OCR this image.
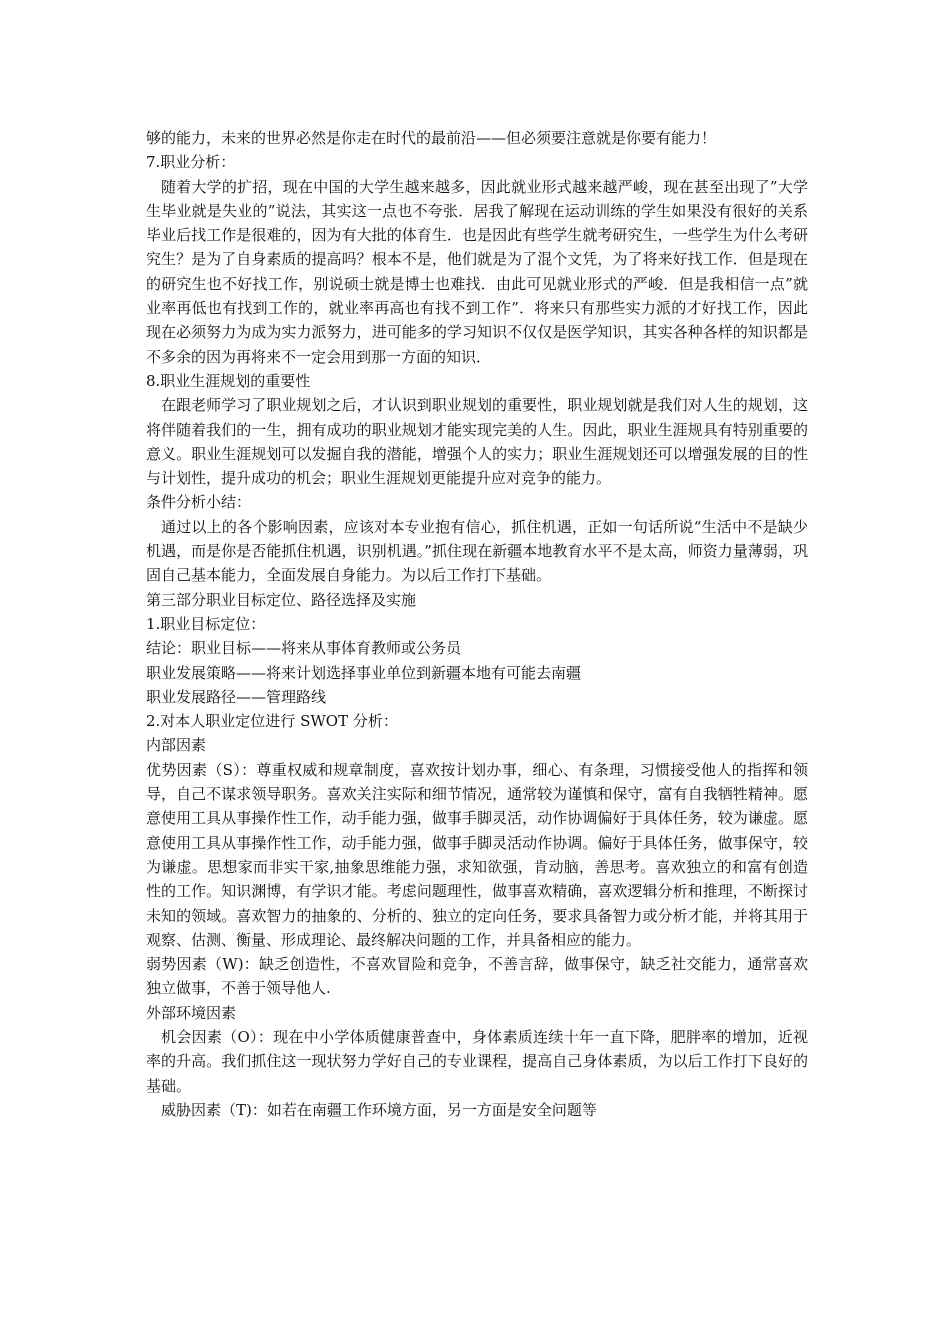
够的能力，未来的世界必然是你走在时代的最前沿——但必须要注意就是你要有能力！

7.职业分析：

随着大学的扩招，现在中国的大学生越来越多，因此就业形式越来越严峻，现在甚至出现了”大学生毕业就是失业的”说法，其实这一点也不夸张．居我了解现在运动训练的学生如果没有很好的关系毕业后找工作是很难的，因为有大批的体育生．也是因此有些学生就考研究生，一些学生为什么考研究生？是为了自身素质的提高吗？根本不是，他们就是为了混个文凭，为了将来好找工作．但是现在的研究生也不好找工作，别说硕士就是博士也难找．由此可见就业形式的严峻．但是我相信一点”就业率再低也有找到工作的，就业率再高也有找不到工作”．将来只有那些实力派的才好找工作，因此现在必须努力为成为实力派努力，进可能多的学习知识不仅仅是医学知识，其实各种各样的知识都是不多余的因为再将来不一定会用到那一方面的知识．

8.职业生涯规划的重要性

在跟老师学习了职业规划之后，才认识到职业规划的重要性，职业规划就是我们对人生的规划，这将伴随着我们的一生，拥有成功的职业规划才能实现完美的人生。因此，职业生涯规具有特别重要的意义。职业生涯规划可以发掘自我的潜能，增强个人的实力；职业生涯规划还可以增强发展的目的性与计划性，提升成功的机会；职业生涯规划更能提升应对竞争的能力。

条件分析小结：

通过以上的各个影响因素，应该对本专业抱有信心，抓住机遇，正如一句话所说“生活中不是缺少机遇，而是你是否能抓住机遇，识别机遇。”抓住现在新疆本地教育水平不是太高，师资力量薄弱，巩固自己基本能力，全面发展自身能力。为以后工作打下基础。

第三部分职业目标定位、路径选择及实施

1.职业目标定位：

结论：职业目标——将来从事体育教师或公务员

职业发展策略——将来计划选择事业单位到新疆本地有可能去南疆

职业发展路径——管理路线

2.对本人职业定位进行 SWOT 分析：

内部因素

优势因素（S）：尊重权威和规章制度，喜欢按计划办事，细心、有条理，习惯接受他人的指挥和领导，自己不谋求领导职务。喜欢关注实际和细节情况，通常较为谨慎和保守，富有自我牺牲精神。愿意使用工具从事操作性工作，动手能力强，做事手脚灵活，动作协调偏好于具体任务，较为谦虚。愿意使用工具从事操作性工作，动手能力强，做事手脚灵活动作协调。偏好于具体任务，做事保守，较为谦虚。思想家而非实干家,抽象思维能力强，求知欲强，肯动脑，善思考。喜欢独立的和富有创造性的工作。知识渊博，有学识才能。考虑问题理性，做事喜欢精确，喜欢逻辑分析和推理，不断探讨未知的领域。喜欢智力的抽象的、分析的、独立的定向任务，要求具备智力或分析才能，并将其用于观察、估测、衡量、形成理论、最终解决问题的工作，并具备相应的能力。

弱势因素（W)：缺乏创造性，不喜欢冒险和竞争，不善言辞，做事保守，缺乏社交能力，通常喜欢独立做事，不善于领导他人.

外部环境因素

机会因素（O）：现在中小学体质健康普查中，身体素质连续十年一直下降，肥胖率的增加，近视率的升高。我们抓住这一现状努力学好自己的专业课程，提高自己身体素质，为以后工作打下良好的基础。

威胁因素（T)：如若在南疆工作环境方面，另一方面是安全问题等
